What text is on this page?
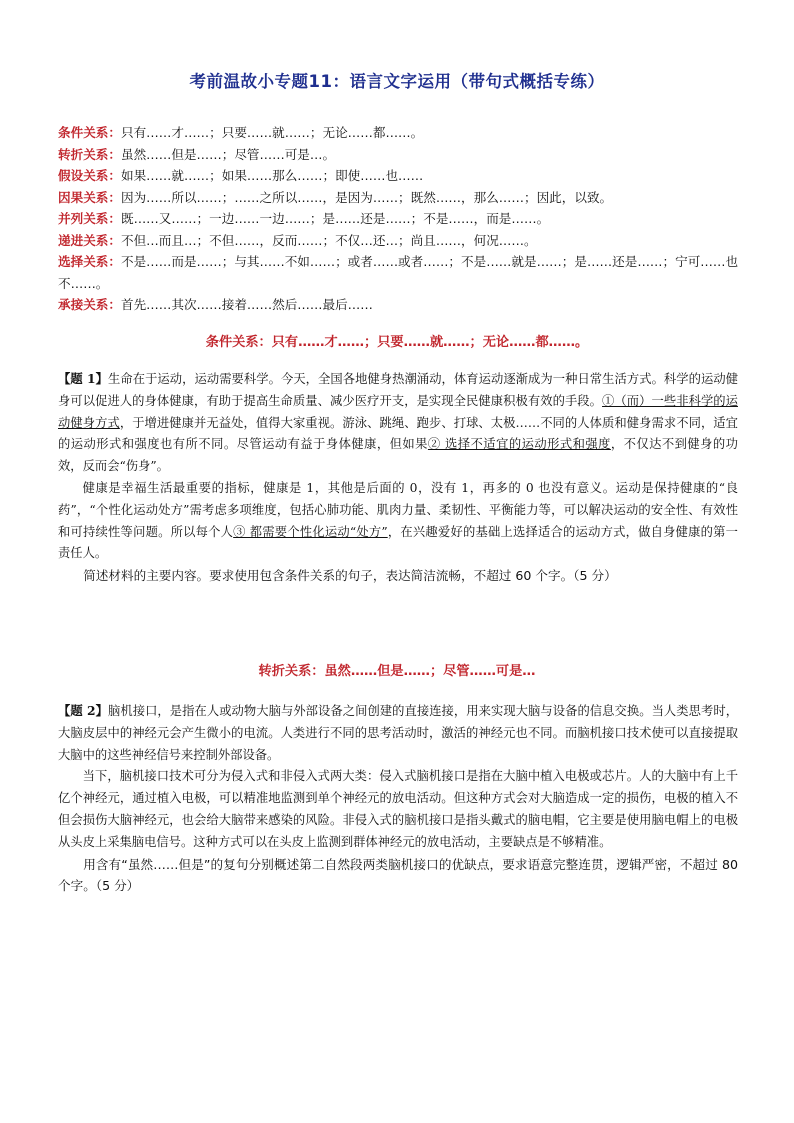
考前温故小专题11：语言文字运用（带句式概括专练）
条件关系：只有……才……；只要……就……；无论……都……。
转折关系：虽然……但是……；尽管……可是…。
假设关系：如果……就……；如果……那么……；即使……也……
因果关系：因为……所以……；……之所以……，是因为……；既然……，那么……；因此，以致。
并列关系：既……又……；一边……一边……；是……还是……；不是……，而是……。
递进关系：不但…而且…；不但……，反而……；不仅…还…；尚且……，何况……。
选择关系：不是……而是……；与其……不如……；或者……或者……；不是……就是……；是……还是……；宁可……也不……。
承接关系：首先……其次……接着……然后……最后……
条件关系：只有……才……；只要……就……；无论……都……。

【题 1】生命在于运动，运动需要科学。今天，全国各地健身热潮涌动，体育运动逐渐成为一种日常生活方式。科学的运动健身可以促进人的身体健康，有助于提高生命质量、减少医疗开支，是实现全民健康积极有效的手段。①（而）一些非科学的运动健身方式，于增进健康并无益处，值得大家重视。游泳、跳绳、跑步、打球、太极……不同的人体质和健身需求不同，适宜的运动形式和强度也有所不同。尽管运动有益于身体健康，但如果② 选择不适宜的运动形式和强度，不仅达不到健身的功效，反而会“伤身”。

健康是幸福生活最重要的指标，健康是 1，其他是后面的 0，没有 1，再多的 0 也没有意义。运动是保持健康的“良药”，“个性化运动处方”需考虑多项维度，包括心肺功能、肌肉力量、柔韧性、平衡能力等，可以解决运动的安全性、有效性和可持续性等问题。所以每个人③ 都需要个性化运动“处方”，在兴趣爱好的基础上选择适合的运动方式，做自身健康的第一责任人。

简述材料的主要内容。要求使用包含条件关系的句子，表达简洁流畅，不超过 60 个字。（5 分）

转折关系：虽然……但是……；尽管……可是…

【题 2】脑机接口，是指在人或动物大脑与外部设备之间创建的直接连接，用来实现大脑与设备的信息交换。当人类思考时，大脑皮层中的神经元会产生微小的电流。人类进行不同的思考活动时，激活的神经元也不同。而脑机接口技术使可以直接提取大脑中的这些神经信号来控制外部设备。

当下，脑机接口技术可分为侵入式和非侵入式两大类：侵入式脑机接口是指在大脑中植入电极或芯片。人的大脑中有上千亿个神经元，通过植入电极，可以精准地监测到单个神经元的放电活动。但这种方式会对大脑造成一定的损伤，电极的植入不但会损伤大脑神经元，也会给大脑带来感染的风险。非侵入式的脑机接口是指头戴式的脑电帽，它主要是使用脑电帽上的电极从头皮上采集脑电信号。这种方式可以在头皮上监测到群体神经元的放电活动，主要缺点是不够精准。

用含有“虽然……但是”的复句分别概述第二自然段两类脑机接口的优缺点，要求语意完整连贯，逻辑严密，不超过 80 个字。（5 分）
